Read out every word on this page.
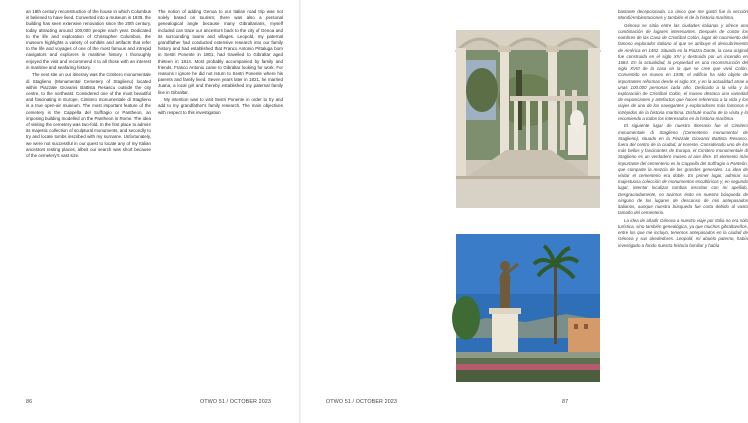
an 18th century reconstruction of the house in which Columbus is believed to have lived. Converted into a museum in 1938, the building has seen extensive renovation since the 20th century, today attracting around 100,000 people each year. Dedicated to the life and exploration of Christopher Columbus, the museum highlights a variety of exhibits and artifacts that refer to the life and voyages of one of the most famous and intrepid navigators and explorers in maritime history. I thoroughly enjoyed the visit and recommend it to all those with an interest in maritime and seafaring history.

The next site on our itinerary was the Cimitero monumentale di Staglieno (Monumental Cemetery of Staglieno) located within Piazzale Giovanni Battista Resasco outside the city centre, to the northeast. Considered one of the most beautiful and fascinating in Europe, Cimitero monumentale di Staglieno is a true open-air museum. The most important feature of the cemetery is the Cappella del Suffragio or Pantheon, an imposing building modelled on the Pantheon in Rome. The idea of visiting the cemetery was two-fold. In the first place to admire its majestic collection of sculptural monuments, and secondly to try and locate tombs inscribed with my surname. Unfortunately, we were not successful in our quest to locate any of my Italian ancestors resting places, albeit our search was short because of the cemetery's vast size.

The notion of adding Genoa to our Italian road trip was not solely based on tourism; there was also a personal genealogical angle because many Gibraltarians, myself included can trace our ancestors back to the city of Genoa and its surrounding towns and villages. Leopold, my paternal grandfather had conducted extensive research into our family history and had established that Franco Antonio Pittaluga born in Sestri Ponente in 1801, had travelled to Gibraltar aged thirteen in 1814. Most probably accompanied by family and friends, Franco Antonio came to Gibraltar looking for work. For reasons I ignore he did not return to Sestri Ponente where his parents and family lived. Seven years later in 1821, he married Juana, a local girl and thereby established my paternal family line in Gibraltar.

My intention was to visit Sestri Ponente in order to try and add to my grandfather's family research. The main objectives with respect to this investigation

86	OTWO 51 / OCTOBER 2023

bastante decepcionada. Lo único que me gustó fue la sección Mondi/Ambientaciones y también el de la historia marítima.

Génova se sitúa entre las ciudades italianas y ofrece una combinación de lugares interesantes. Después de contar los nombres de las Casa de Cristóbal Colón, lugar de nacimiento del famoso explorador italiano al que se atribuye el descubrimiento de América en 1492. Situada en la Piazza Dante, la casa original fue construida en el siglo XIV y destruida por un incendio en 1684. En la actualidad, la propiedad es una reconstrucción del siglo XVIII de la casa en la que se cree que vivió Colón. Convertido en museo en 1938, el edificio ha sido objeto de importantes reformas desde el siglo XX, y en la actualidad atrae a unas 100.000 personas cada año. Dedicado a la vida y la exploración de Cristóbal Colón, el museo destaca una variedad de exposiciones y artefactos que hacen referencia a la vida y los viajes de uno de los navegantes y exploradores más famosos e intrépidos de la historia marítima. Disfruté mucho de la visita y lo recomiendo a todos los interesados en la historia marítima.

El siguiente lugar de nuestro itinerario fue el Cimitero monumentale di Staglieno (Cementerio monumental de Staglieno), situado en la Piazzale Giovanni Battista Resasco, fuera del centro de la ciudad, al noreste. Considerado uno de los más bellos y fascinantes de Europa, el Cimitero monumentale di Staglieno es un verdadero museo al aire libre. El elemento más importante del cementerio es la Cappella del Suffragio o Panteón, que comparte la mezcla de los grandes generales. La idea de visitar el cementerio era doble. En primer lugar, admirar su majestuosa colección de monumentos escultóricos y, en segundo lugar, intentar localizar tumbas inscritas con mi apellido. Desgraciadamente, no tuvimos éxito en nuestra búsqueda de ninguno de los lugares de descanso de mis antepasados italianos, aunque nuestra búsqueda fue corta debido al vasto tamaño del cementerio.

La idea de añadir Génova a nuestro viaje por Italia no era sólo turística, sino también genealógica, ya que muchos gibraltareños, entre los que me incluyo, tenemos antepasados en la ciudad de Génova y sus alrededores. Leopold, mi abuelo paterno, había investigado a fondo nuestra historia familiar y había

OTWO 51 / OCTOBER 2023	87
